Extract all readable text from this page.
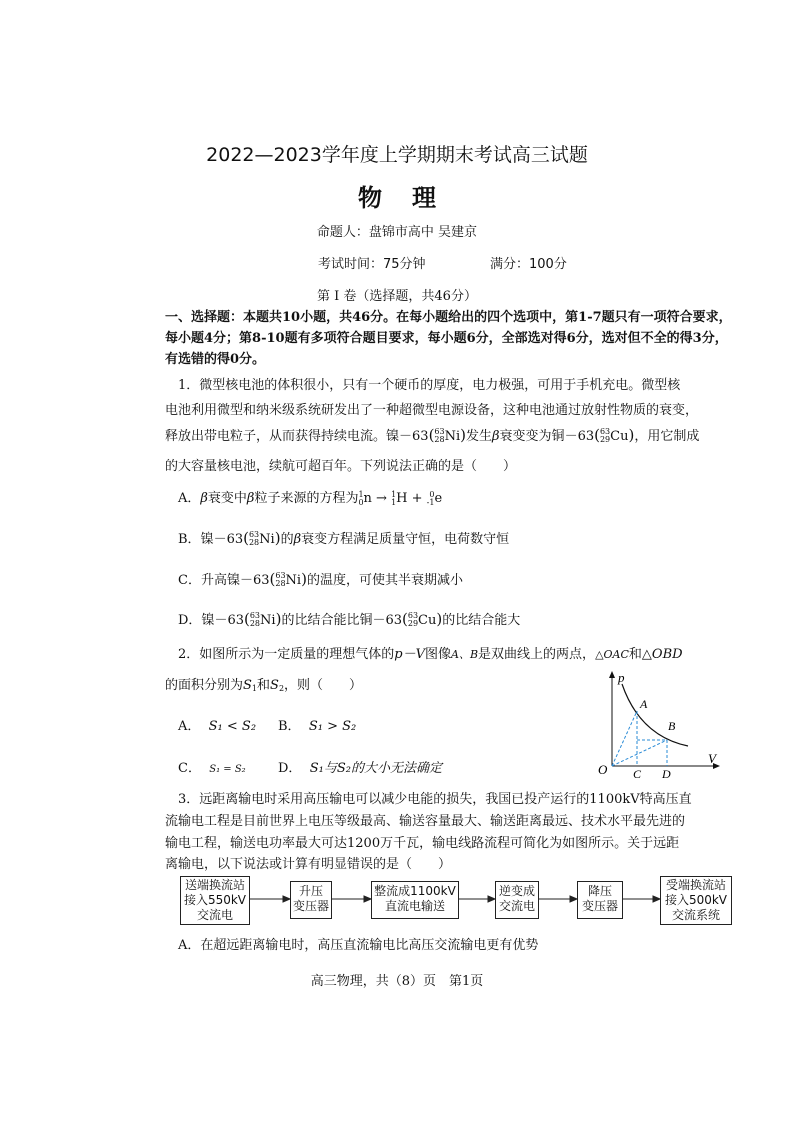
2022—2023学年度上学期期末考试高三试题
物理
命题人：盘锦市高中 吴建京
考试时间：75分钟	满分：100分
第 I 卷（选择题，共46分）
一、选择题：本题共10小题，共46分。在每小题给出的四个选项中，第1-7题只有一项符合要求，每小题4分；第8-10题有多项符合题目要求，每小题6分，全部选对得6分，选对但不全的得3分，有选错的得0分。
1．微型核电池的体积很小，只有一个硬币的厚度，电力极强，可用于手机充电。微型核
电池利用微型和纳米级系统研发出了一种超微型电源设备，这种电池通过放射性物质的衰变，
释放出带电粒子，从而获得持续电流。镍－63(63
28Ni)发生β衰变变为铜－63(63
29Cu)，用它制成
的大容量核电池，续航可超百年。下列说法正确的是（　　）
A．β衰变中β粒子来源的方程为1
0n → 1
1H + 0
-1e
B．镍－63(63
28Ni)的β衰变方程满足质量守恒，电荷数守恒
C．升高镍－63(63
28Ni)的温度，可使其半衰期减小
D．镍－63(63
28Ni)的比结合能比铜－63(63
29Cu)的比结合能大
2．如图所示为一定质量的理想气体的p－V图像A、B是双曲线上的两点，△OAC和△OBD
的面积分别为$S_1$和$S_2$，则（　　）
A． S₁ < S₂ B． S₁ > S₂
C． S₁ = S₂ D． S₁与S₂的大小无法确定
p
V
O
A
B
C D
3．远距离输电时采用高压输电可以减少电能的损失，我国已投产运行的1100kV特高压直
流输电工程是目前世界上电压等级最高、输送容量最大、输送距离最远、技术水平最先进的
输电工程，输送电功率最大可达1200万千瓦，输电线路流程可简化为如图所示。关于远距
离输电，以下说法或计算有明显错误的是（　　）
送端换流站
接入550kV
交流电
升压
变压器
整流成1100kV
直流电输送
逆变成
交流电
降压
变压器
受端换流站
接入500kV
交流系统
A．在超远距离输电时，高压直流输电比高压交流输电更有优势
高三物理，共（8）页　第1页
